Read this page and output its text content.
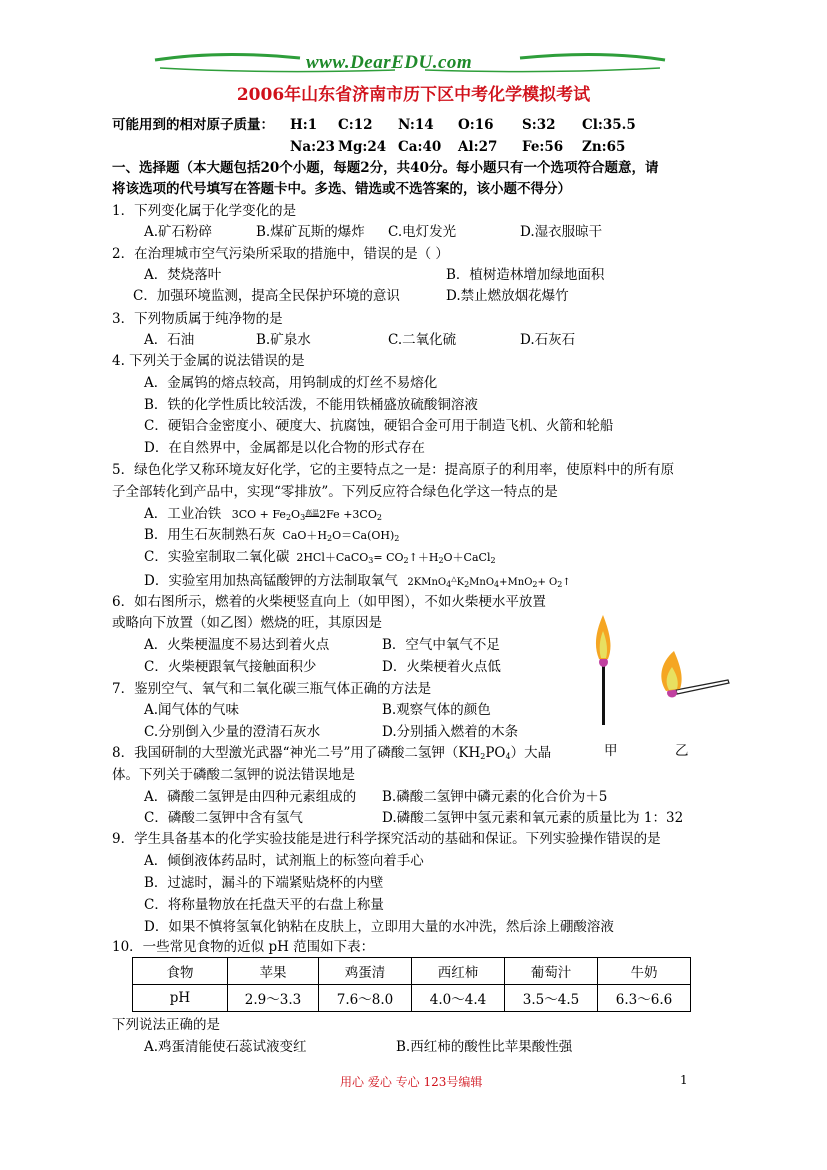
www.DearEDU.com
2006年山东省济南市历下区中考化学模拟考试
可能用到的相对原子质量： H:1 C:12 N:14 O:16 S:32 Cl:35.5
Na:23 Mg:24 Ca:40 Al:27 Fe:56 Zn:65
一、选择题（本大题包括20个小题，每题2分，共40分。每小题只有一个选项符合题意，请
将该选项的代号填写在答题卡中。多选、错选或不选答案的，该小题不得分）
1．下列变化属于化学变化的是
A.矿石粉碎	B.煤矿瓦斯的爆炸 C.电灯发光	D.湿衣服晾干
2．在治理城市空气污染所采取的措施中，错误的是（ ）
A．焚烧落叶	B．植树造林增加绿地面积
C．加强环境监测，提高全民保护环境的意识	D.禁止燃放烟花爆竹
3．下列物质属于纯净物的是
A．石油	B.矿泉水	C.二氧化硫	D.石灰石
4. 下列关于金属的说法错误的是
A．金属钨的熔点较高，用钨制成的灯丝不易熔化
B．铁的化学性质比较活泼，不能用铁桶盛放硫酸铜溶液
C．硬铝合金密度小、硬度大、抗腐蚀，硬铝合金可用于制造飞机、火箭和轮船
D．在自然界中，金属都是以化合物的形式存在
5．绿色化学又称环境友好化学，它的主要特点之一是：提高原子的利用率，使原料中的所有原
子全部转化到产品中，实现“零排放”。下列反应符合绿色化学这一特点的是
A．工业冶铁 $3CO + Fe_2O_3^{高温}2Fe +3CO_2$
B．用生石灰制熟石灰 $CaO+H_2O=Ca(OH)_2$
C．实验室制取二氧化碳 2HCl＋CaCO$_3$= $CO_2↑+H_2O+CaCl_2$
D．实验室用加热高锰酸钾的方法制取氧气 $2KMnO_4^\triangle K_2MnO_4+MnO_2+$ $O_2↑$
6．如右图所示，燃着的火柴梗竖直向上（如甲图），不如火柴梗水平放置
或略向下放置（如乙图）燃烧的旺，其原因是
A．火柴梗温度不易达到着火点	B．空气中氧气不足
C．火柴梗跟氧气接触面积少	D．火柴梗着火点低
甲	乙
7．鉴别空气、氧气和二氧化碳三瓶气体正确的方法是
A.闻气体的气味	B.观察气体的颜色
C.分别倒入少量的澄清石灰水	D.分别插入燃着的木条
8．我国研制的大型激光武器“神光二号”用了磷酸二氢钾$(KH_2PO_4)$大晶
体。下列关于磷酸二氢钾的说法错误地是
A．磷酸二氢钾是由四种元素组成的 B.磷酸二氢钾中磷元素的化合价为＋5
C．磷酸二氢钾中含有氢气	D.磷酸二氢钾中氢元素和氧元素的质量比为 1：32
9．学生具备基本的化学实验技能是进行科学探究活动的基础和保证。下列实验操作错误的是
A．倾倒液体药品时，试剂瓶上的标签向着手心
B．过滤时，漏斗的下端紧贴烧杯的内壁
C．将称量物放在托盘天平的右盘上称量
D．如果不慎将氢氧化钠粘在皮肤上，立即用大量的水冲洗，然后涂上硼酸溶液
10．一些常见食物的近似 pH 范围如下表：
食物	苹果	鸡蛋清	西红柿	葡萄汁	牛奶
pH	2.9～3.3	7.6～8.0	4.0～4.4	3.5～4.5	6.3～6.6
下列说法正确的是
A.鸡蛋清能使石蕊试液变红	B.西红柿的酸性比苹果酸性强
用心 爱心 专心 123号编辑	1
